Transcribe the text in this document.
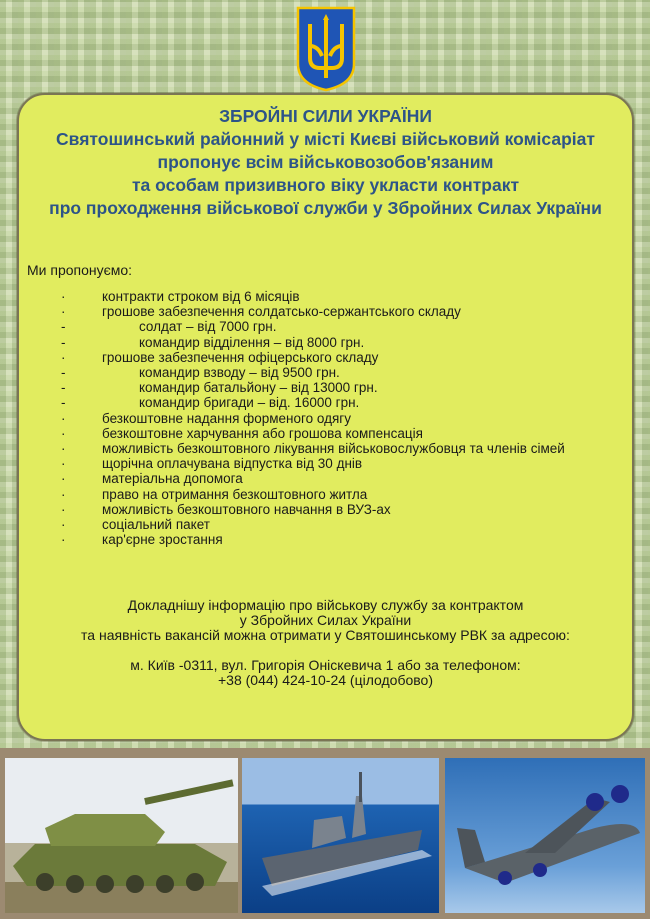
ЗБРОЙНІ СИЛИ УКРАЇНИ
Святошинський районний у місті Києві військовий комісаріат
пропонує всім військовозобов'язаним
та особам призивного віку укласти контракт
про проходження військової служби у Збройних Силах України
Ми пропонуємо:
·	контракти строком від 6 місяців
·	грошове забезпечення солдатсько-сержантського складу
-	солдат – від 7000 грн.
-	командир відділення – від 8000 грн.
·	грошове забезпечення офіцерського складу
-	командир взводу – від 9500 грн.
-	командир батальйону – від 13000 грн.
-	командир бригади – від. 16000 грн.
·	безкоштовне надання форменого одягу
·	безкоштовне харчування або грошова компенсація
·	можливість безкоштовного лікування військовослужбовця та членів сімей
·	щорічна оплачувана відпустка від 30 днів
·	матеріальна допомога
·	право на отримання безкоштовного житла
·	можливість безкоштовного навчання в ВУЗ-ах
·	соціальний пакет
·	кар'єрне зростання
Докладнішу інформацію про військову службу за контрактом
у Збройних Силах України
та наявність вакансій можна отримати у Святошинському РВК за адресою:
м. Київ -0311, вул. Григорія Оніскевича 1 або за телефоном:
+38 (044) 424-10-24 (цілодобово)
